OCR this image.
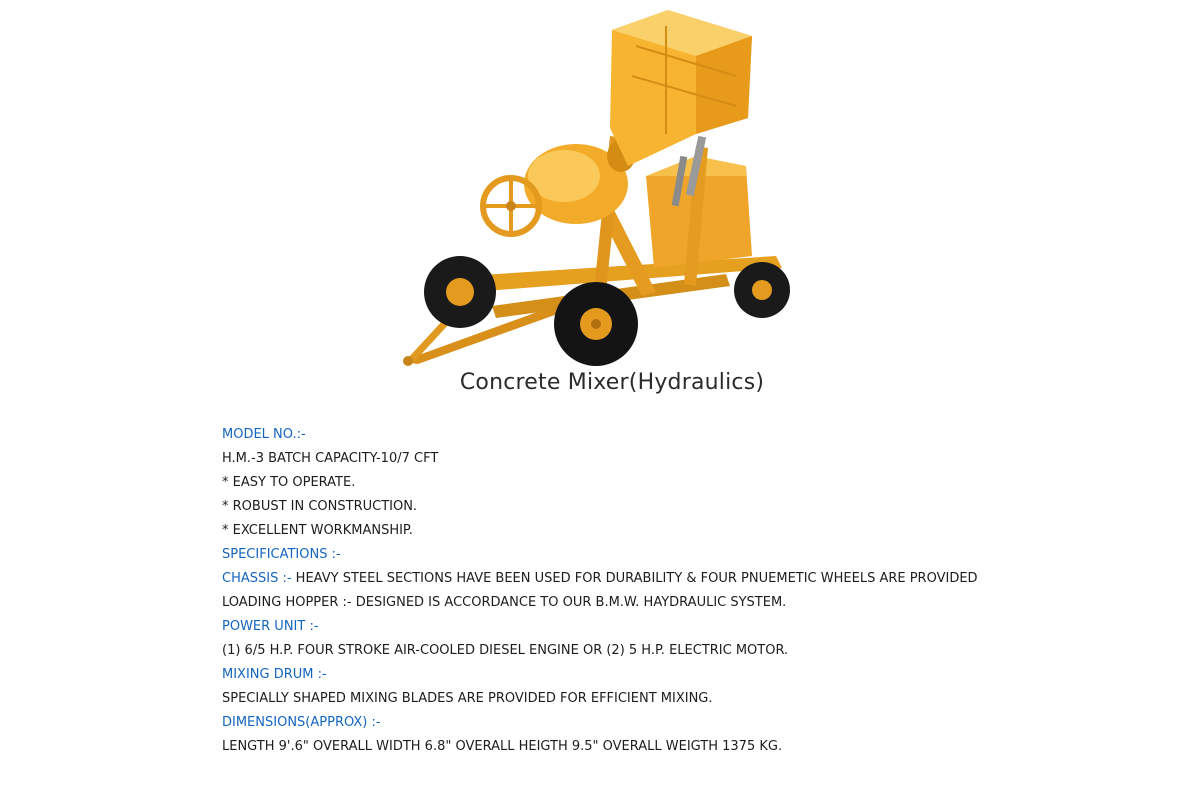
Concrete Mixer(Hydraulics)
MODEL NO.:-
H.M.-3 BATCH CAPACITY-10/7 CFT
* EASY TO OPERATE.
* ROBUST IN CONSTRUCTION.
* EXCELLENT WORKMANSHIP.
SPECIFICATIONS :-
CHASSIS :- HEAVY STEEL SECTIONS HAVE BEEN USED FOR DURABILITY & FOUR PNUEMETIC WHEELS ARE PROVIDED
LOADING HOPPER :- DESIGNED IS ACCORDANCE TO OUR B.M.W. HAYDRAULIC SYSTEM.
POWER UNIT :-
(1) 6/5 H.P. FOUR STROKE AIR-COOLED DIESEL ENGINE OR (2) 5 H.P. ELECTRIC MOTOR.
MIXING DRUM :-
SPECIALLY SHAPED MIXING BLADES ARE PROVIDED FOR EFFICIENT MIXING.
DIMENSIONS(APPROX) :-
LENGTH 9'.6" OVERALL WIDTH 6.8" OVERALL HEIGTH 9.5" OVERALL WEIGTH 1375 KG.
